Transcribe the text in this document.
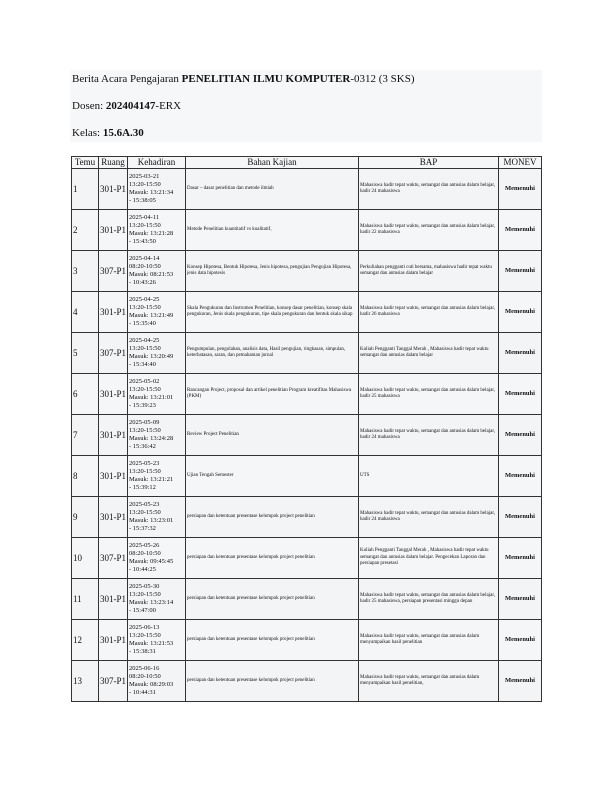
Berita Acara Pengajaran PENELITIAN ILMU KOMPUTER-0312 (3 SKS)
Dosen: 202404147-ERX
Kelas: 15.6A.30
Temu	Ruang	Kehadiran	Bahan Kajian	BAP	MONEV
1	301-P1	2025-03-21
13:20-15:50
Masuk: 13:21:34
- 15:38:05	Dasar – dasar penelitian dan metode ilmiah	Mahasiswa hadir tepat waktu, semangat dan antusias dalam belajar, hadir 24 mahasiswa	Memenuhi
2	301-P1	2025-04-11
13:20-15:50
Masuk: 13:21:28
- 15:43:50	Metode Penelitian kuantitatif vs kualitatif,	Mahasiswa hadir tepat waktu, semangat dan antusias dalam belajar, hadir 22 mahasiswa	Memenuhi
3	307-P1	2025-04-14
08:20-10:50
Masuk: 08:21:53
- 10:43:26	Konsep Hipotesa, Bentuk Hipotesa, Jenis hipotesa, pengujian Pengujian Hipotesa, jenis data hipotesis	Perkuliahan pengganti cuti bersama, mahasiswa hadir tepat waktu semangat dan antusias dalam belajar	Memenuhi
4	301-P1	2025-04-25
13:20-15:50
Masuk: 13:21:49
- 15:35:40	Skala Pengukuran dan Instrumen Penelitian, konsep dasar penelitian, konsep skala pengukuran, Jenis skala pengukuran, tipe skala pengukuran dan bentuk skala sikap	Mahasiswa hadir tepat waktu, semangat dan antusias dalam belajar, hadir 26 mahasiswa	Memenuhi
5	307-P1	2025-04-25
13:20-15:50
Masuk: 13:20:49
- 15:34:40	Pengumpulan, pengolahan, analisis data, Hasil pengujian, ringkasan, simpulan, keterbatasan, saran, dan pemahaman jurnal	Kuliah Pengganti Tanggal Merah , Mahasiswa hadir tepat waktu semangat dan antusias dalam belajar	Memenuhi
6	301-P1	2025-05-02
13:20-15:50
Masuk: 13:21:01
- 15:39:23	Rancangan Project, proposal dan artikel penelitian Program kreatifitas Mahasiswa (PKM)	Mahasiswa hadir tepat waktu, semangat dan antusias dalam belajar, hadir 25 mahasiswa	Memenuhi
7	301-P1	2025-05-09
13:20-15:50
Masuk: 13:24:28
- 15:36:42	Review Project Penelitian	Mahasiswa hadir tepat waktu, semangat dan antusias dalam belajar, hadir 24 mahasiswa	Memenuhi
8	301-P1	2025-05-23
13:20-15:50
Masuk: 13:21:21
- 15:39:12	Ujian Tengah Semester	UTS	Memenuhi
9	301-P1	2025-05-23
13:20-15:50
Masuk: 13:23:01
- 15:37:32	persiapan dan ketentuan presentase kelompok project penelitian	Mahasiswa hadir tepat waktu, semangat dan antusias dalam belajar, hadir 24 mahasiswa	Memenuhi
10	307-P1	2025-05-26
08:20-10:50
Masuk: 09:45:45
- 10:44:25	persiapan dan ketentuan presentase kelompok project penelitian	Kuliah Pengganti Tanggal Merah , Mahasiswa hadir tepat waktu semangat dan antusias dalam belajar. Pengecekan Laporan dan persiapan presetasi	Memenuhi
11	301-P1	2025-05-30
13:20-15:50
Masuk: 13:23:14
- 15:47:00	persiapan dan ketentuan presentase kelompok project penelitian	Mahasiswa hadir tepat waktu, semangat dan antusias dalam belajar, hadir 25 mahasiswa, persiapan presentasi minggu depan	Memenuhi
12	301-P1	2025-06-13
13:20-15:50
Masuk: 13:21:53
- 15:38:31	persiapan dan ketentuan presentase kelompok project penelitian	Mahasiswa hadir tepat waktu, semangat dan antusias dalam menyampaikan hasil penelitian	Memenuhi
13	307-P1	2025-06-16
08:20-10:50
Masuk: 08:29:03
- 10:44:31	persiapan dan ketentuan presentase kelompok project penelitian	Mahasiswa hadir tepat waktu, semangat dan antusias dalam menyampaikan hasil penelitian,	Memenuhi
